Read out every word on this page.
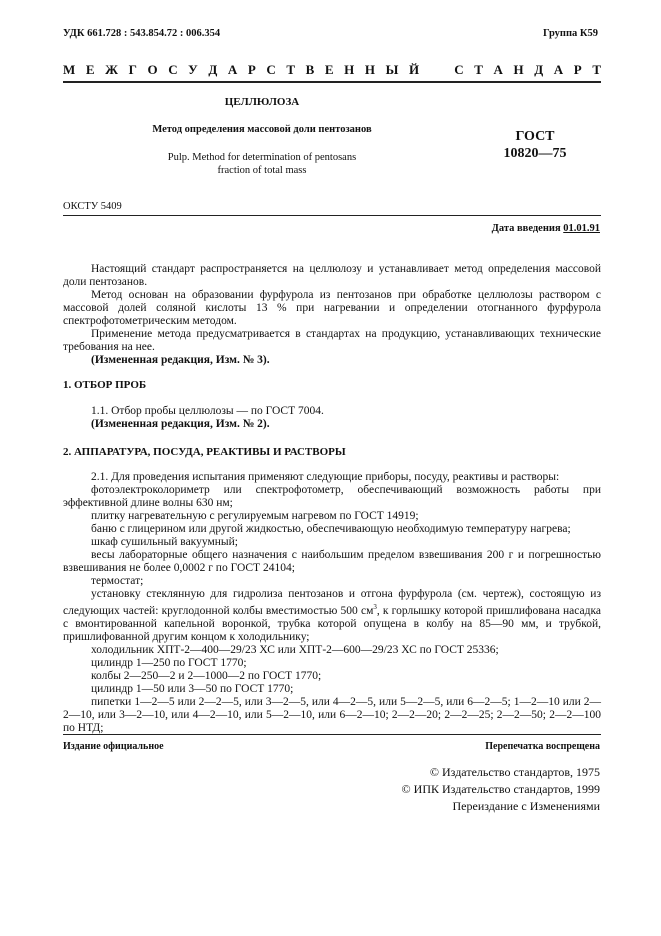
УДК 661.728 : 543.854.72 : 006.354	Группа К59
М Е Ж Г О С У Д А Р С Т В Е Н Н Ы Й	С Т А Н Д А Р Т
ЦЕЛЛЮЛОЗА
Метод определения массовой доли пентозанов
Pulp. Method for determination of pentosans
fraction of total mass
ГОСТ
10820—75
ОКСТУ 5409
Дата введения 01.01.91

Настоящий стандарт распространяется на целлюлозу и устанавливает метод определения массовой доли пентозанов.

Метод основан на образовании фурфурола из пентозанов при обработке целлюлозы раствором с массовой долей соляной кислоты 13 % при нагревании и определении отогнанного фурфурола спектрофотометрическим методом.

Применение метода предусматривается в стандартах на продукцию, устанавливающих технические требования на нее.

(Измененная редакция, Изм. № 3).

1. ОТБОР ПРОБ

1.1. Отбор пробы целлюлозы — по ГОСТ 7004.

(Измененная редакция, Изм. № 2).

2. АППАРАТУРА, ПОСУДА, РЕАКТИВЫ И РАСТВОРЫ

2.1. Для проведения испытания применяют следующие приборы, посуду, реактивы и растворы:

фотоэлектроколориметр или спектрофотометр, обеспечивающий возможность работы при эффективной длине волны 630 нм;

плитку нагревательную с регулируемым нагревом по ГОСТ 14919;

баню с глицерином или другой жидкостью, обеспечивающую необходимую температуру нагрева;

шкаф сушильный вакуумный;

весы лабораторные общего назначения с наибольшим пределом взвешивания 200 г и погрешностью взвешивания не более 0,0002 г по ГОСТ 24104;

термостат;

установку стеклянную для гидролиза пентозанов и отгона фурфурола (см. чертеж), состоящую из следующих частей: круглодонной колбы вместимостью 500 $см^3$, к горлышку которой пришлифована насадка с вмонтированной капельной воронкой, трубка которой опущена в колбу на 85—90 мм, и трубкой, пришлифованной другим концом к холодильнику;

холодильник ХПТ-2—400—29/23 ХС или ХПТ-2—600—29/23 ХС по ГОСТ 25336;

цилиндр 1—250 по ГОСТ 1770;

колбы 2—250—2 и 2—1000—2 по ГОСТ 1770;

цилиндр 1—50 или 3—50 по ГОСТ 1770;

пипетки 1—2—5 или 2—2—5, или 3—2—5, или 4—2—5, или 5—2—5, или 6—2—5; 1—2—10 или 2—2—10, или 3—2—10, или 4—2—10, или 5—2—10, или 6—2—10; 2—2—20; 2—2—25; 2—2—50; 2—2—100 по НТД;

Издание официальное	Перепечатка воспрещена
© Издательство стандартов, 1975
© ИПК Издательство стандартов, 1999
Переиздание с Изменениями
